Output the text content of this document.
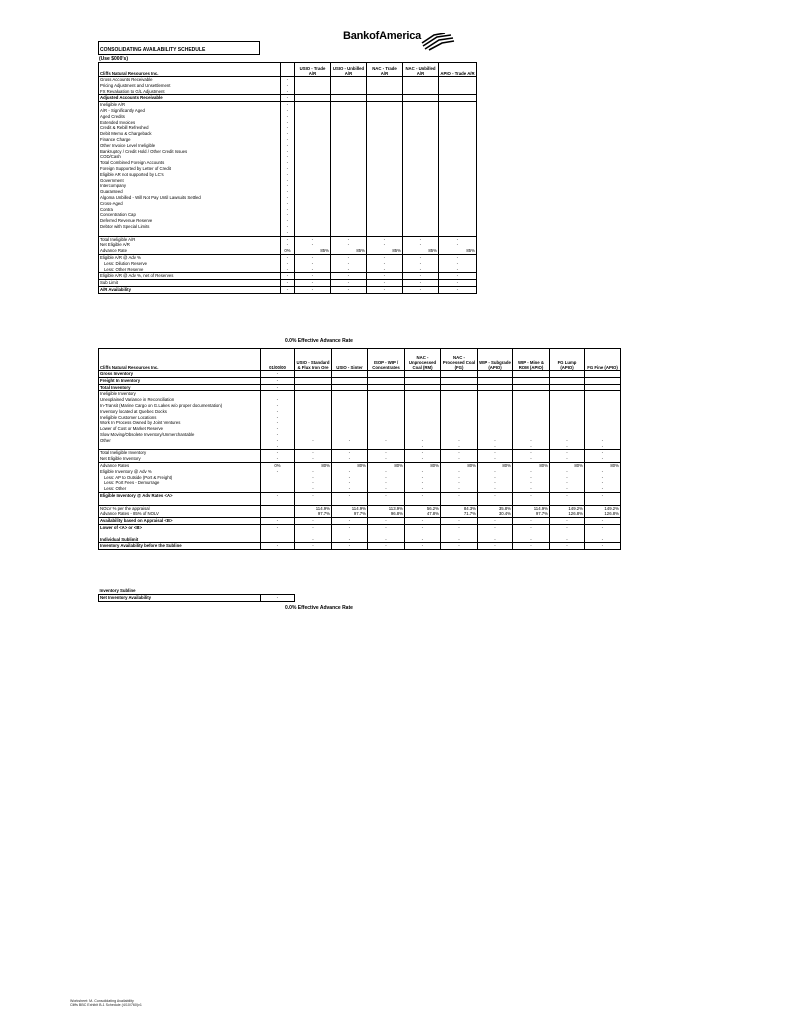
BankofAmerica
CONSOLIDATING AVAILABILITY SCHEDULE
(Use $000's)
Cliffs Natural Resources Inc.		USIO - Trade A/R	USIO - Unbilled A/R	NAC - Trade A/R	NAC - Unbilled A/R	APIO - Trade A/R
Gross Accounts Receivable	-					
Pricing Adjustment and Unsettlement	-					
FX Revaluation to G/L Adjustment	-					
Adjusted Accounts Receivable	-					
Ineligible A/R	-					
A/R - Significantly Aged	-					
Aged Credits	-					
Extended Invoices	-					
Credit & Rebill Refreshed	-					
Debit Memo & Chargeback	-					
Finance Charge	-					
Other Invoice Level Ineligible	-					
Bankruptcy / Credit Hold / Other Credit Issues	-					
COD/Cash	-					
Total Combined Foreign Accounts	-					
Foreign Supported by Letter of Credit	-					
Eligible AR not supported by LC's	-					
Government	-					
Intercompany	-					
Guaranteed	-					
Algoma Unbilled - Will Not Pay Until Lawsuits Settled	-					
Cross-Aged	-					
Contra	-					
Concentration Cap	-					
Deferred Revenue Reserve	-					
Debtor with Special Limits	-					
	-					
Total Ineligible A/R	-	-	-	-	-	-
Net Eligible A/R	-	-	-	-	-	-
Advance Rate	0%	85%	85%	85%	85%	85%
Eligible A/R @ Adv %	-	-	-	-	-	-
Less: Dilution Reserve	-	-	-	-	-	-
Less: Other Reserve	-	-	-	-	-	-
Eligible A/R @ Adv %, net of Reserves	-	-	-	-	-	-
Sub Limit	-	-	-	-	-	-
A/R Availability	-	-	-	-	-	-
0.0% Effective Advance Rate
Cliffs Natural Resources Inc.	01/00/00	USIO - Standard & Flux Iron Ore	USIO - Sinter	ISOP - WIP / Concentrates	NAC - Unprocessed Coal (RM)	NAC - Processed Coal (FG)	WIP - Subgrade (APIO)	WIP - Mine & ROM (APIO)	FG Lump (APIO)	FG Fine (APIO)
Gross Inventory	-									
Freight In Inventory	-									
Total Inventory	-									
Ineligible Inventory										
Unexplained Variance in Reconciliation	-									
In-Transit (Marine Cargo on G.Lakes w/o proper documentation)	-									
Inventory located at Quebec Docks	-									
Ineligible Customer Locations	-									
Work In Process Owned by Joint Ventures	-									
Lower of Cost or Market Reserve	-									
Slow Moving/Obsolete Inventory/Unmerchantable	-									
Other	-	-	-	-	-	-	-	-	-	-
	-				-	-	-	-	-	-
Total Ineligible Inventory	-	-	-	-	-	-	-	-	-	-
Net Eligible Inventory	-	-	-	-	-	-	-	-	-	-
Advance Rates	0%	80%	80%	80%	80%	80%	80%	80%	80%	80%
Eligible Inventory @ Adv %	-	-	-	-	-	-	-	-	-	-
Less: AP to Outside (Port & Freight)		-	-	-	-	-	-	-	-	-
Less: Port Fees - Demurrage		-	-	-	-	-	-	-	-	-
Less: Other		-	-	-	-	-	-	-	-	-
Eligible Inventory @ Adv Rates <A>	-	-	-	-	-	-	-	-	-	-

NOLV % per the appraisal		114.9%	114.9%	113.9%	56.2%	84.3%	35.8%	114.9%	149.2%	149.2%
Advance Rates - 85% of NOLV		97.7%	97.7%	96.8%	47.8%	71.7%	30.4%	97.7%	126.8%	126.8%
Availability based on Appraisal <B>	-	-	-	-	-	-	-	-	-	-
Lower of <A> or <B>	-	-	-	-	-	-	-	-	-	-

Individual Sublimit		-	-	-	-	-	-	-	-	-
Inventory Availability before the Subline	-	-	-	-	-	-	-	-	-	-
Inventory Subline	
Net Inventory Availability	-
0.0% Effective Advance Rate
Worksheet: M- Consolidating Availability
Cliffs BBC Exhibit B-1 Schedule (4/10/760)v1
